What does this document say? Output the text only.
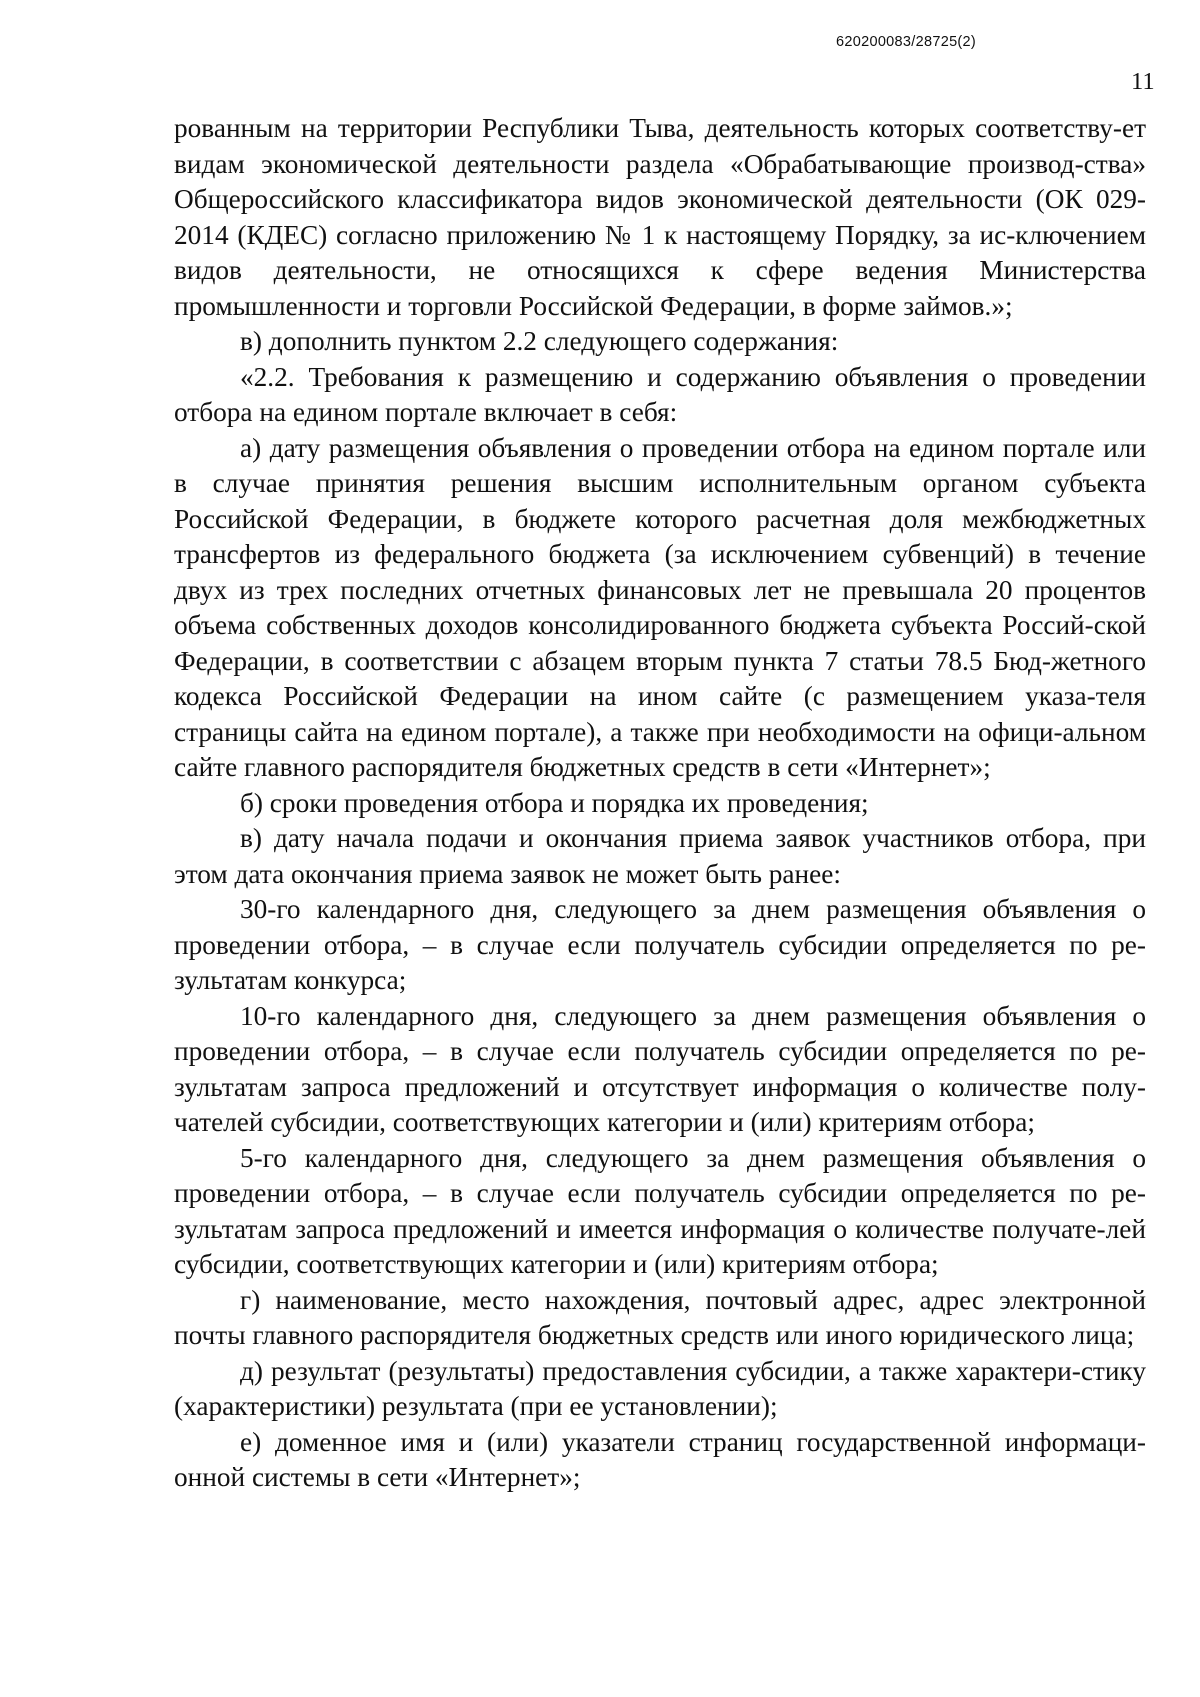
620200083/28725(2)
11

рованным на территории Республики Тыва, деятельность которых соответству-ет видам экономической деятельности раздела «Обрабатывающие производ-ства» Общероссийского классификатора видов экономической деятельности (ОК 029-2014 (КДЕС) согласно приложению № 1 к настоящему Порядку, за ис-ключением видов деятельности, не относящихся к сфере ведения Министерства промышленности и торговли Российской Федерации, в форме займов.»;

в) дополнить пунктом 2.2 следующего содержания:

«2.2. Требования к размещению и содержанию объявления о проведении отбора на едином портале включает в себя:

а) дату размещения объявления о проведении отбора на едином портале или в случае принятия решения высшим исполнительным органом субъекта Российской Федерации, в бюджете которого расчетная доля межбюджетных трансфертов из федерального бюджета (за исключением субвенций) в течение двух из трех последних отчетных финансовых лет не превышала 20 процентов объема собственных доходов консолидированного бюджета субъекта Россий-ской Федерации, в соответствии с абзацем вторым пункта 7 статьи 78.5 Бюд-жетного кодекса Российской Федерации на ином сайте (с размещением указа-теля страницы сайта на едином портале), а также при необходимости на офици-альном сайте главного распорядителя бюджетных средств в сети «Интернет»;

б) сроки проведения отбора и порядка их проведения;

в) дату начала подачи и окончания приема заявок участников отбора, при этом дата окончания приема заявок не может быть ранее:

30-го календарного дня, следующего за днем размещения объявления о проведении отбора, – в случае если получатель субсидии определяется по ре-зультатам конкурса;

10-го календарного дня, следующего за днем размещения объявления о проведении отбора, – в случае если получатель субсидии определяется по ре-зультатам запроса предложений и отсутствует информация о количестве полу-чателей субсидии, соответствующих категории и (или) критериям отбора;

5-го календарного дня, следующего за днем размещения объявления о проведении отбора, – в случае если получатель субсидии определяется по ре-зультатам запроса предложений и имеется информация о количестве получате-лей субсидии, соответствующих категории и (или) критериям отбора;

г) наименование, место нахождения, почтовый адрес, адрес электронной почты главного распорядителя бюджетных средств или иного юридического лица;

д) результат (результаты) предоставления субсидии, а также характери-стику (характеристики) результата (при ее установлении);

е) доменное имя и (или) указатели страниц государственной информаци-онной системы в сети «Интернет»;
